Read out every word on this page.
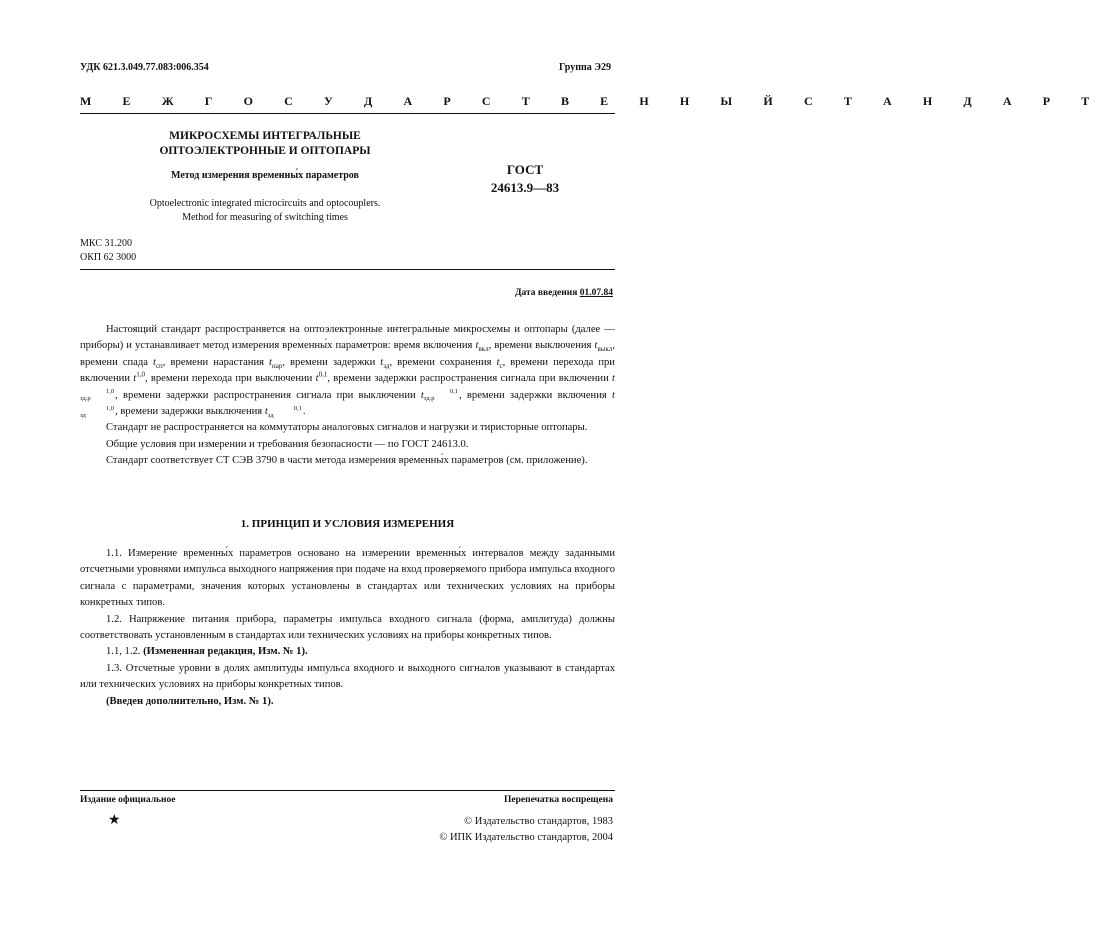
УДК 621.3.049.77.083:006.354	Группа Э29
М Е Ж Г О С У Д А Р С Т В Е Н Н Ы Й С Т А Н Д А Р Т
МИКРОСХЕМЫ ИНТЕГРАЛЬНЫЕ
ОПТОЭЛЕКТРОННЫЕ И ОПТОПАРЫ
Метод измерения временны́х параметров
Optoelectronic integrated microcircuits and optocouplers.
Method for measuring of switching times
ГОСТ
24613.9—83
МКС 31.200
ОКП 62 3000
Дата введения 01.07.84

Настоящий стандарт распространяется на оптоэлектронные интегральные микросхемы и оптопары (далее — приборы) и устанавливает метод измерения временны́х параметров: время включения $t_{вкл}$, времени выключения $t_{выкл}$, времени спада $t_{сп}$, времени нарастания $t_{нар}$, времени задержки $t_{зд}$, времени сохранения $t_с$, времени перехода при включении $t^{1,0}$, времени перехода при выключении $t^{0,1}$, времени задержки распространения сигнала при включении t1,0
зд.р , времени задержки распространения сигнала при выключении t	0,1
зд.р , времени задержки включения t1,0
зд	, времени задержки выключения t	0,1
зд	.

Стандарт не распространяется на коммутаторы аналоговых сигналов и нагрузки и тиристорные оптопары.

Общие условия при измерении и требования безопасности — по ГОСТ 24613.0.

Стандарт соответствует СТ СЭВ 3790 в части метода измерения временны́х параметров (см. приложение).

1. ПРИНЦИП И УСЛОВИЯ ИЗМЕРЕНИЯ

1.1. Измерение временны́х параметров основано на измерении временны́х интервалов между заданными отсчетными уровнями импульса выходного напряжения при подаче на вход проверяемого прибора импульса входного сигнала с параметрами, значения которых установлены в стандартах или технических условиях на приборы конкретных типов.

1.2. Напряжение питания прибора, параметры импульса входного сигнала (форма, амплитуда) должны соответствовать установленным в стандартах или технических условиях на приборы конкретных типов.

1.1, 1.2. (Измененная редакция, Изм. № 1).

1.3. Отсчетные уровни в долях амплитуды импульса входного и выходного сигналов указывают в стандартах или технических условиях на приборы конкретных типов.

(Введен дополнительно, Изм. № 1).

Издание официальное	Перепечатка воспрещена
★	© Издательство стандартов, 1983
© ИПК Издательство стандартов, 2004
